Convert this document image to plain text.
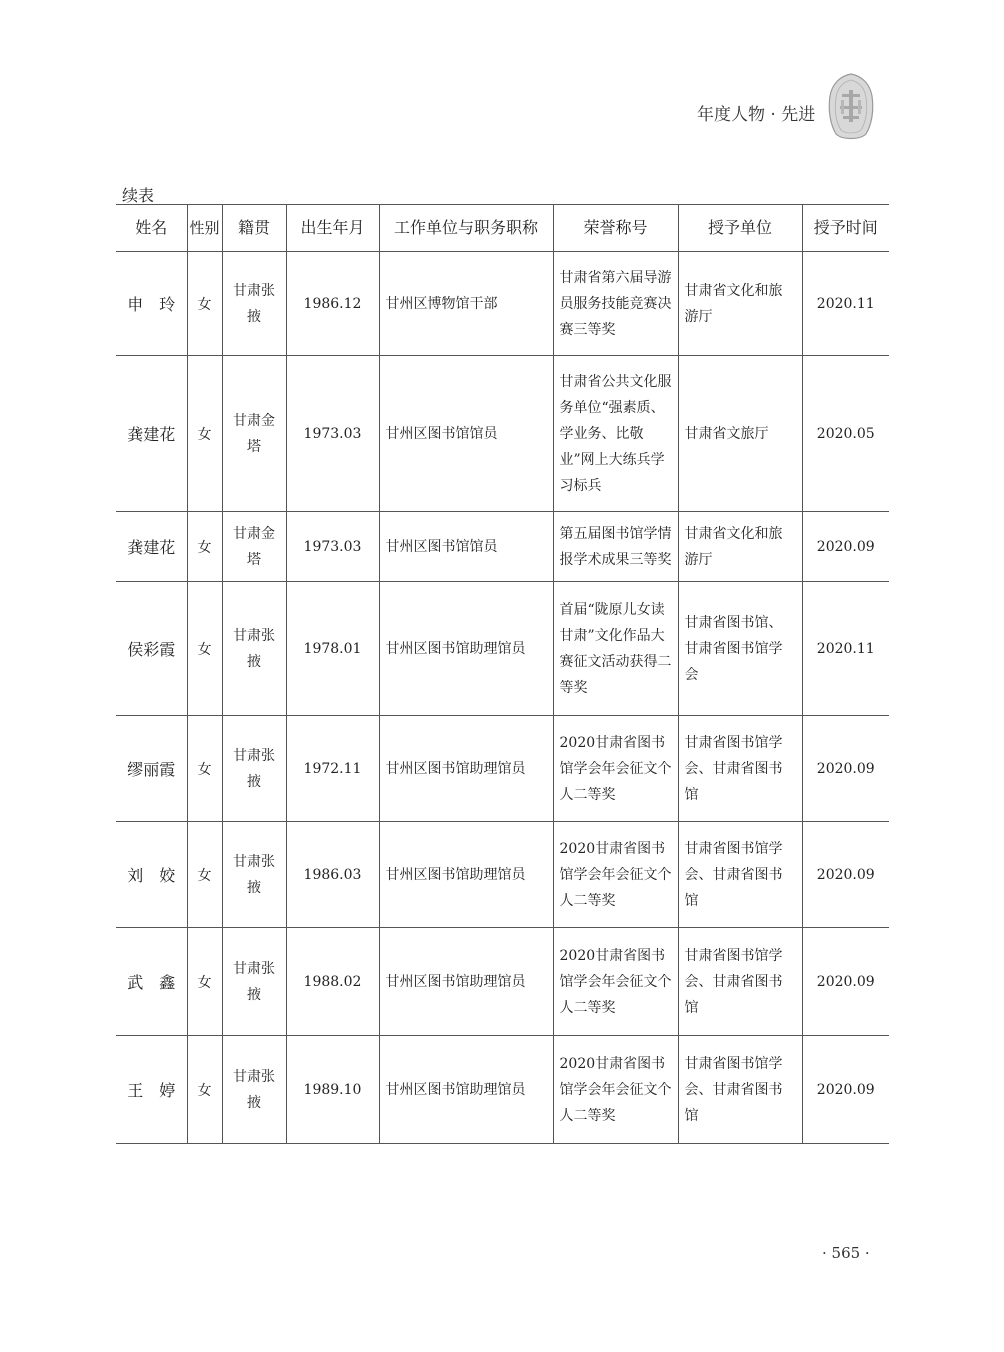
年度人物 · 先进
续表
姓名	性别	籍贯	出生年月	工作单位与职务职称	荣誉称号	授予单位	授予时间
申　玲	女	甘肃张掖	1986.12	甘州区博物馆干部	甘肃省第六届导游员服务技能竞赛决赛三等奖	甘肃省文化和旅游厅	2020.11
龚建花	女	甘肃金塔	1973.03	甘州区图书馆馆员	甘肃省公共文化服务单位“强素质、学业务、比敬业”网上大练兵学习标兵	甘肃省文旅厅	2020.05
龚建花	女	甘肃金塔	1973.03	甘州区图书馆馆员	第五届图书馆学情报学术成果三等奖	甘肃省文化和旅游厅	2020.09
侯彩霞	女	甘肃张掖	1978.01	甘州区图书馆助理馆员	首届“陇原儿女读甘肃”文化作品大赛征文活动获得二等奖	甘肃省图书馆、甘肃省图书馆学会	2020.11
缪丽霞	女	甘肃张掖	1972.11	甘州区图书馆助理馆员	2020甘肃省图书馆学会年会征文个人二等奖	甘肃省图书馆学会、甘肃省图书馆	2020.09
刘　姣	女	甘肃张掖	1986.03	甘州区图书馆助理馆员	2020甘肃省图书馆学会年会征文个人二等奖	甘肃省图书馆学会、甘肃省图书馆	2020.09
武　鑫	女	甘肃张掖	1988.02	甘州区图书馆助理馆员	2020甘肃省图书馆学会年会征文个人二等奖	甘肃省图书馆学会、甘肃省图书馆	2020.09
王　婷	女	甘肃张掖	1989.10	甘州区图书馆助理馆员	2020甘肃省图书馆学会年会征文个人二等奖	甘肃省图书馆学会、甘肃省图书馆	2020.09
· 565 ·
